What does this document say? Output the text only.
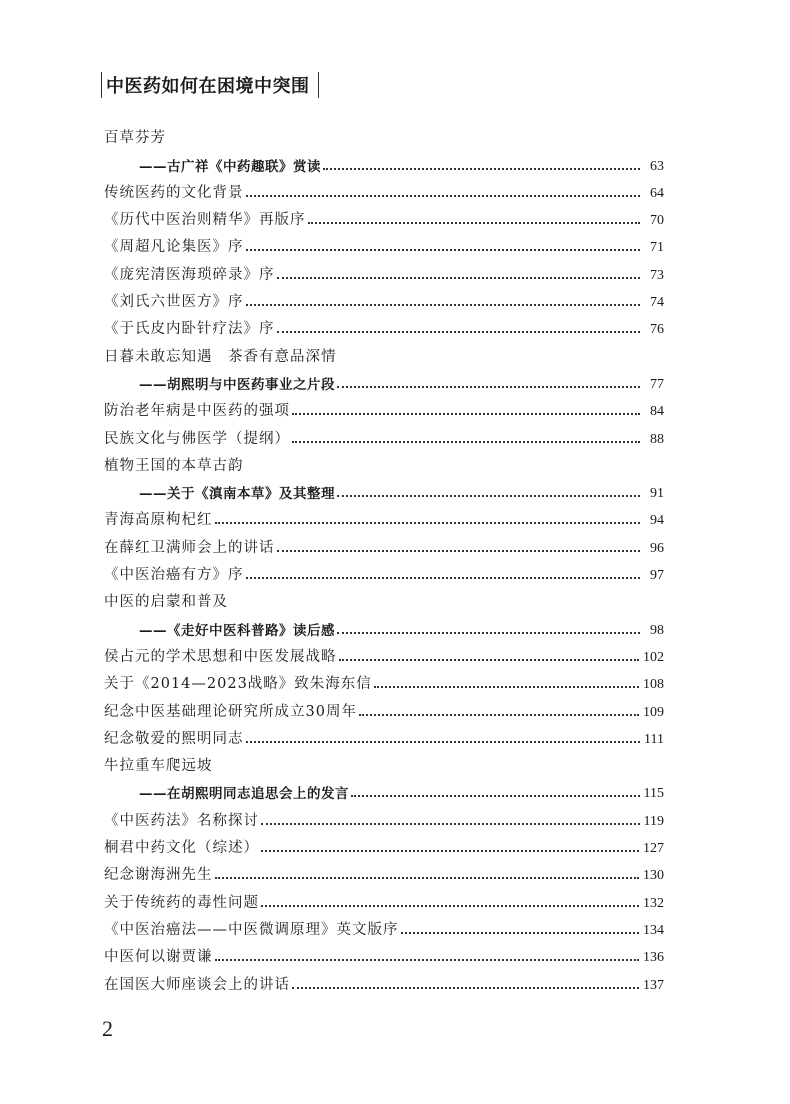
中医药如何在困境中突围
百草芬芳
——古广祥《中药趣联》赏读	63
传统医药的文化背景	64
《历代中医治则精华》再版序	70
《周超凡论集医》序	71
《庞宪清医海琐碎录》序	73
《刘氏六世医方》序	74
《于氏皮内卧针疗法》序	76
日暮未敢忘知遇　茶香有意品深情
——胡熙明与中医药事业之片段	77
防治老年病是中医药的强项	84
民族文化与佛医学（提纲）	88
植物王国的本草古韵
——关于《滇南本草》及其整理	91
青海高原枸杞红	94
在薛红卫满师会上的讲话	96
《中医治癌有方》序	97
中医的启蒙和普及
——《走好中医科普路》读后感	98
侯占元的学术思想和中医发展战略	102
关于《2014—2023战略》致朱海东信	108
纪念中医基础理论研究所成立30周年	109
纪念敬爱的熙明同志	111
牛拉重车爬远坡
——在胡熙明同志追思会上的发言	115
《中医药法》名称探讨	119
桐君中药文化（综述）	127
纪念谢海洲先生	130
关于传统药的毒性问题	132
《中医治癌法——中医微调原理》英文版序	134
中医何以谢贾谦	136
在国医大师座谈会上的讲话	137
2
